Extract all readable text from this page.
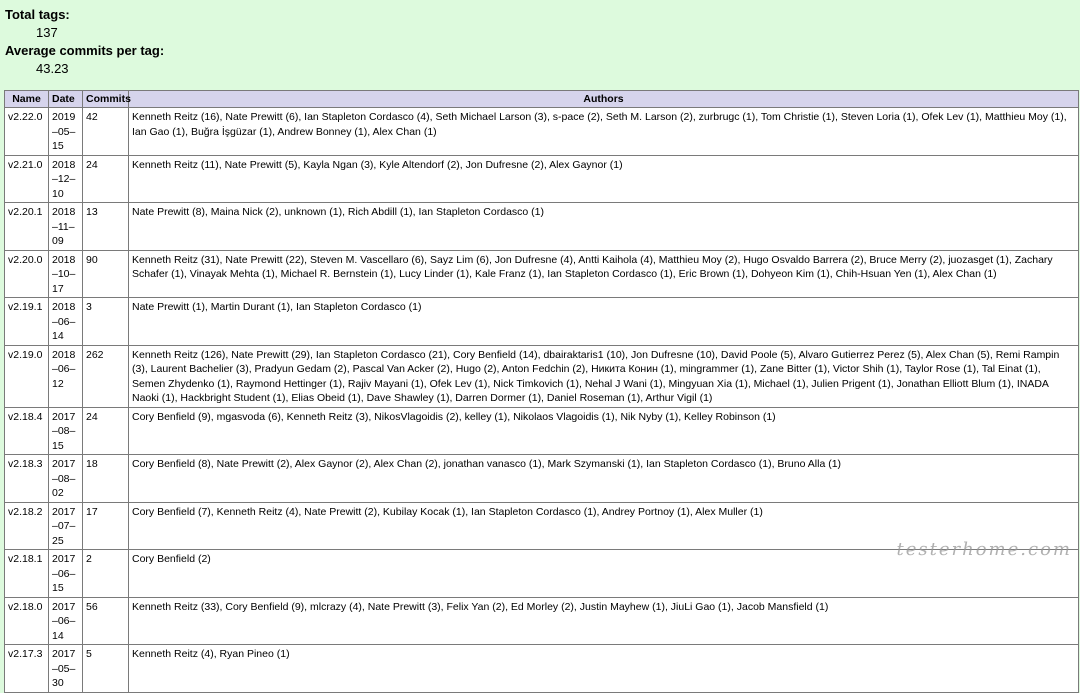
Total tags:
137
Average commits per tag:
43.23
Name	Date	Commits	Authors
v2.22.0	2019–05–15	42	Kenneth Reitz (16), Nate Prewitt (6), Ian Stapleton Cordasco (4), Seth Michael Larson (3), s-pace (2), Seth M. Larson (2), zurbrugc (1), Tom Christie (1), Steven Loria (1), Ofek Lev (1), Matthieu Moy (1), Ian Gao (1), Buğra İşgüzar (1), Andrew Bonney (1), Alex Chan (1)
v2.21.0	2018–12–10	24	Kenneth Reitz (11), Nate Prewitt (5), Kayla Ngan (3), Kyle Altendorf (2), Jon Dufresne (2), Alex Gaynor (1)
v2.20.1	2018–11–09	13	Nate Prewitt (8), Maina Nick (2), unknown (1), Rich Abdill (1), Ian Stapleton Cordasco (1)
v2.20.0	2018–10–17	90	Kenneth Reitz (31), Nate Prewitt (22), Steven M. Vascellaro (6), Sayz Lim (6), Jon Dufresne (4), Antti Kaihola (4), Matthieu Moy (2), Hugo Osvaldo Barrera (2), Bruce Merry (2), juozasget (1), Zachary Schafer (1), Vinayak Mehta (1), Michael R. Bernstein (1), Lucy Linder (1), Kale Franz (1), Ian Stapleton Cordasco (1), Eric Brown (1), Dohyeon Kim (1), Chih-Hsuan Yen (1), Alex Chan (1)
v2.19.1	2018–06–14	3	Nate Prewitt (1), Martin Durant (1), Ian Stapleton Cordasco (1)
v2.19.0	2018–06–12	262	Kenneth Reitz (126), Nate Prewitt (29), Ian Stapleton Cordasco (21), Cory Benfield (14), dbairaktaris1 (10), Jon Dufresne (10), David Poole (5), Alvaro Gutierrez Perez (5), Alex Chan (5), Remi Rampin (3), Laurent Bachelier (3), Pradyun Gedam (2), Pascal Van Acker (2), Hugo (2), Anton Fedchin (2), Никита Конин (1), mingrammer (1), Zane Bitter (1), Victor Shih (1), Taylor Rose (1), Tal Einat (1), Semen Zhydenko (1), Raymond Hettinger (1), Rajiv Mayani (1), Ofek Lev (1), Nick Timkovich (1), Nehal J Wani (1), Mingyuan Xia (1), Michael (1), Julien Prigent (1), Jonathan Elliott Blum (1), INADA Naoki (1), Hackbright Student (1), Elias Obeid (1), Dave Shawley (1), Darren Dormer (1), Daniel Roseman (1), Arthur Vigil (1)
v2.18.4	2017–08–15	24	Cory Benfield (9), mgasvoda (6), Kenneth Reitz (3), NikosVlagoidis (2), kelley (1), Nikolaos Vlagoidis (1), Nik Nyby (1), Kelley Robinson (1)
v2.18.3	2017–08–02	18	Cory Benfield (8), Nate Prewitt (2), Alex Gaynor (2), Alex Chan (2), jonathan vanasco (1), Mark Szymanski (1), Ian Stapleton Cordasco (1), Bruno Alla (1)
v2.18.2	2017–07–25	17	Cory Benfield (7), Kenneth Reitz (4), Nate Prewitt (2), Kubilay Kocak (1), Ian Stapleton Cordasco (1), Andrey Portnoy (1), Alex Muller (1)
v2.18.1	2017–06–15	2	Cory Benfield (2)
v2.18.0	2017–06–14	56	Kenneth Reitz (33), Cory Benfield (9), mlcrazy (4), Nate Prewitt (3), Felix Yan (2), Ed Morley (2), Justin Mayhew (1), JiuLi Gao (1), Jacob Mansfield (1)
v2.17.3	2017–05–30	5	Kenneth Reitz (4), Ryan Pineo (1)
testerhome.com
